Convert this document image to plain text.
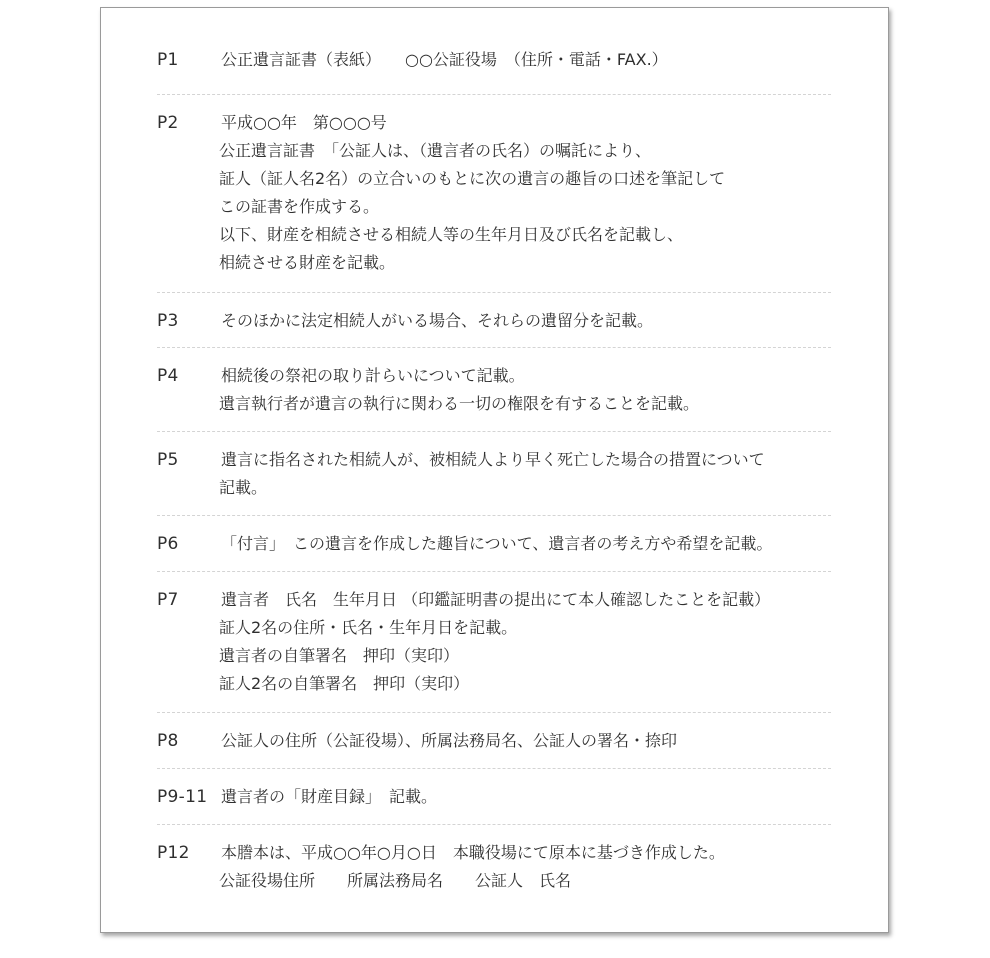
P1	公正遺言証書（表紙）　　○○公証役場　（住所・電話・FAX.）
P2	平成○○年　第○○○号
公正遺言証書　「公証人は、（遺言者の氏名）の嘱託により、
証人（証人名2名）の立合いのもとに次の遺言の趣旨の口述を筆記して
この証書を作成する。
以下、財産を相続させる相続人等の生年月日及び氏名を記載し、
相続させる財産を記載。
P3	そのほかに法定相続人がいる場合、それらの遺留分を記載。
P4	相続後の祭祀の取り計らいについて記載。
遺言執行者が遺言の執行に関わる一切の権限を有することを記載。
P5	遺言に指名された相続人が、被相続人より早く死亡した場合の措置について
記載。
P6	「付言」　この遺言を作成した趣旨について、遺言者の考え方や希望を記載。
P7	遺言者　氏名　生年月日 （印鑑証明書の提出にて本人確認したことを記載）
証人2名の住所・氏名・生年月日を記載。
遺言者の自筆署名　押印（実印）
証人2名の自筆署名　押印（実印）
P8	公証人の住所（公証役場）、所属法務局名、公証人の署名・捺印
P9-11 遺言者の「財産目録」　記載。
P12	本謄本は、平成○○年○月○日　本職役場にて原本に基づき作成した。
公証役場住所　　所属法務局名　　公証人　氏名
